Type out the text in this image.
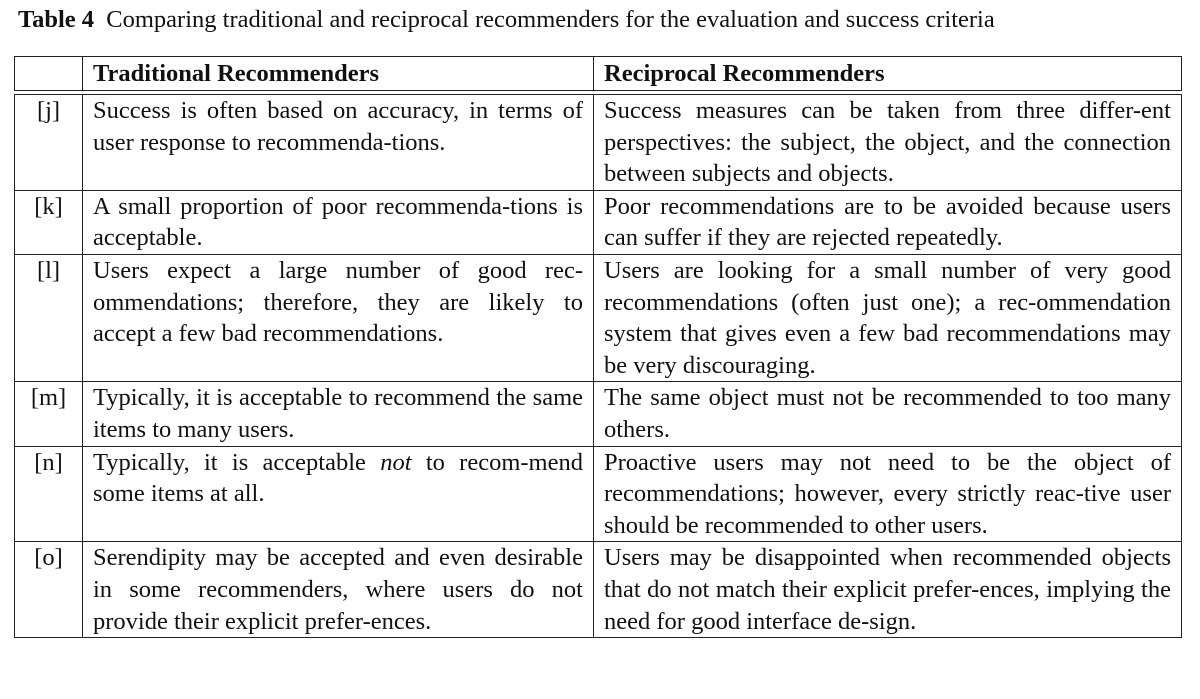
Table 4 Comparing traditional and reciprocal recommenders for the evaluation and success criteria
	Traditional Recommenders	Reciprocal Recommenders

[j]	Success is often based on accuracy, in terms of user response to recommenda-tions.	Success measures can be taken from three differ-ent perspectives: the subject, the object, and the connection between subjects and objects.
[k]	A small proportion of poor recommenda-tions is acceptable.	Poor recommendations are to be avoided because users can suffer if they are rejected repeatedly.
[l]	Users expect a large number of good rec-ommendations; therefore, they are likely to accept a few bad recommendations.	Users are looking for a small number of very good recommendations (often just one); a rec-ommendation system that gives even a few bad recommendations may be very discouraging.
[m]	Typically, it is acceptable to recommend the same items to many users.	The same object must not be recommended to too many others.
[n]	Typically, it is acceptable not to recom-mend some items at all.	Proactive users may not need to be the object of recommendations; however, every strictly reac-tive user should be recommended to other users.
[o]	Serendipity may be accepted and even desirable in some recommenders, where users do not provide their explicit prefer-ences.	Users may be disappointed when recommended objects that do not match their explicit prefer-ences, implying the need for good interface de-sign.
